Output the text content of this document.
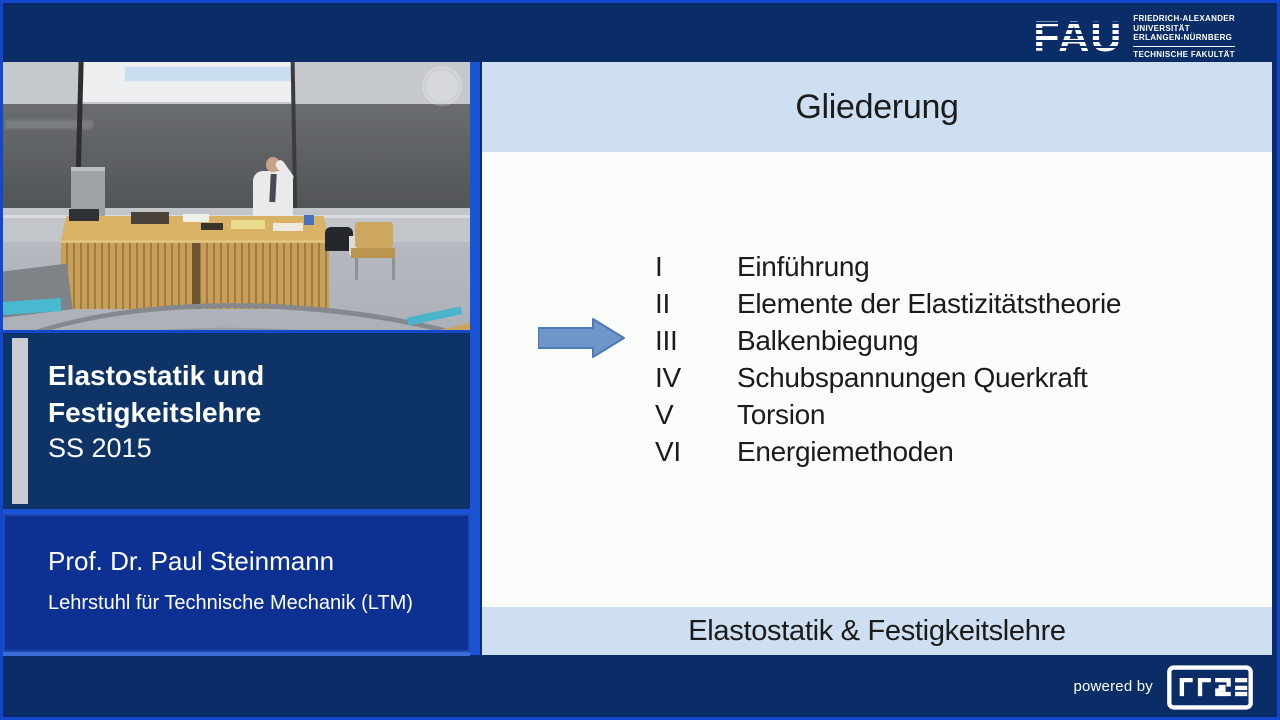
FAU FRIEDRICH-ALEXANDER
UNIVERSITÄT
ERLANGEN-NÜRNBERG
TECHNISCHE FAKULTÄT
Elastostatik und
Festigkeitslehre
SS 2015
Prof. Dr. Paul Steinmann
Lehrstuhl für Technische Mechanik (LTM)
Gliederung
I	Einführung
II	Elemente der Elastizitätstheorie
III	Balkenbiegung
IV	Schubspannungen Querkraft
V	Torsion
VI	Energiemethoden
Elastostatik & Festigkeitslehre
powered by
